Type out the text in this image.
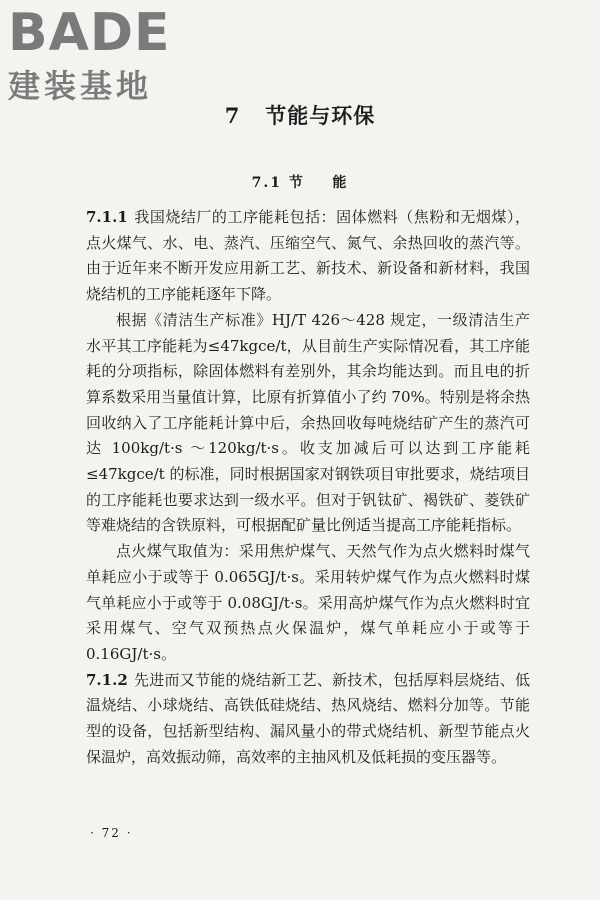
BADE
建装基地
7   节能与环保
7.1 节    能

7.1.1 我国烧结厂的工序能耗包括：固体燃料（焦粉和无烟煤），点火煤气、水、电、蒸汽、压缩空气、氮气、余热回收的蒸汽等。由于近年来不断开发应用新工艺、新技术、新设备和新材料，我国烧结机的工序能耗逐年下降。

根据《清洁生产标准》HJ/T 426～428 规定，一级清洁生产水平其工序能耗为≤47kgce/t，从目前生产实际情况看，其工序能耗的分项指标，除固体燃料有差别外，其余均能达到。而且电的折算系数采用当量值计算，比原有折算值小了约 70%。特别是将余热回收纳入了工序能耗计算中后，余热回收每吨烧结矿产生的蒸汽可达 100kg/t·s ～120kg/t·s。收支加减后可以达到工序能耗≤47kgce/t 的标准，同时根据国家对钢铁项目审批要求，烧结项目的工序能耗也要求达到一级水平。但对于钒钛矿、褐铁矿、菱铁矿等难烧结的含铁原料，可根据配矿量比例适当提高工序能耗指标。

点火煤气取值为：采用焦炉煤气、天然气作为点火燃料时煤气单耗应小于或等于 0.065GJ/t·s。采用转炉煤气作为点火燃料时煤气单耗应小于或等于 0.08GJ/t·s。采用高炉煤气作为点火燃料时宜采用煤气、空气双预热点火保温炉，煤气单耗应小于或等于 0.16GJ/t·s。

7.1.2 先进而又节能的烧结新工艺、新技术，包括厚料层烧结、低温烧结、小球烧结、高铁低硅烧结、热风烧结、燃料分加等。节能型的设备，包括新型结构、漏风量小的带式烧结机、新型节能点火保温炉，高效振动筛，高效率的主抽风机及低耗损的变压器等。

· 72 ·
